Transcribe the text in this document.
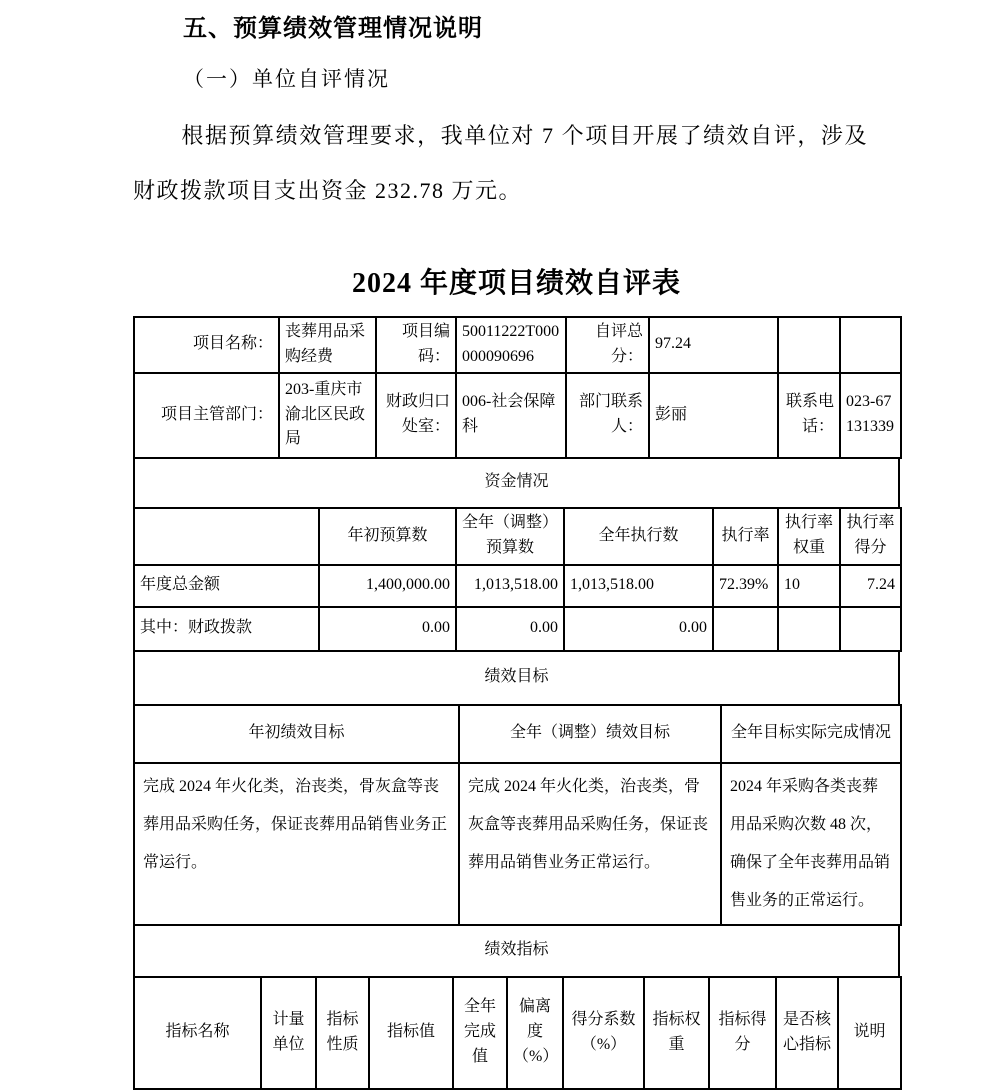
五、预算绩效管理情况说明
（一）单位自评情况

根据预算绩效管理要求，我单位对 7 个项目开展了绩效自评，涉及财政拨款项目支出资金 232.78 万元。

2024 年度项目绩效自评表
项目名称：	丧葬用品采购经费	项目编码：	50011222T000000090696	自评总分：	97.24		
项目主管部门：	203-重庆市渝北区民政局	财政归口处室：	006-社会保障科	部门联系人：	彭丽	联系电话：	023-67131339
资金情况
	年初预算数	全年（调整）预算数	全年执行数	执行率	执行率权重	执行率得分
年度总金额	1,400,000.00	1,013,518.00	1,013,518.00	72.39%	10	7.24
其中：财政拨款	0.00	0.00	0.00			
绩效目标
年初绩效目标	全年（调整）绩效目标	全年目标实际完成情况
完成 2024 年火化类，治丧类，骨灰盒等丧葬用品采购任务，保证丧葬用品销售业务正常运行。	完成 2024 年火化类，治丧类，骨灰盒等丧葬用品采购任务，保证丧葬用品销售业务正常运行。	2024 年采购各类丧葬用品采购次数 48 次，确保了全年丧葬用品销售业务的正常运行。
绩效指标
指标名称	计量单位	指标性质	指标值	全年完成值	偏离度（%）	得分系数（%）	指标权重	指标得分	是否核心指标	说明
